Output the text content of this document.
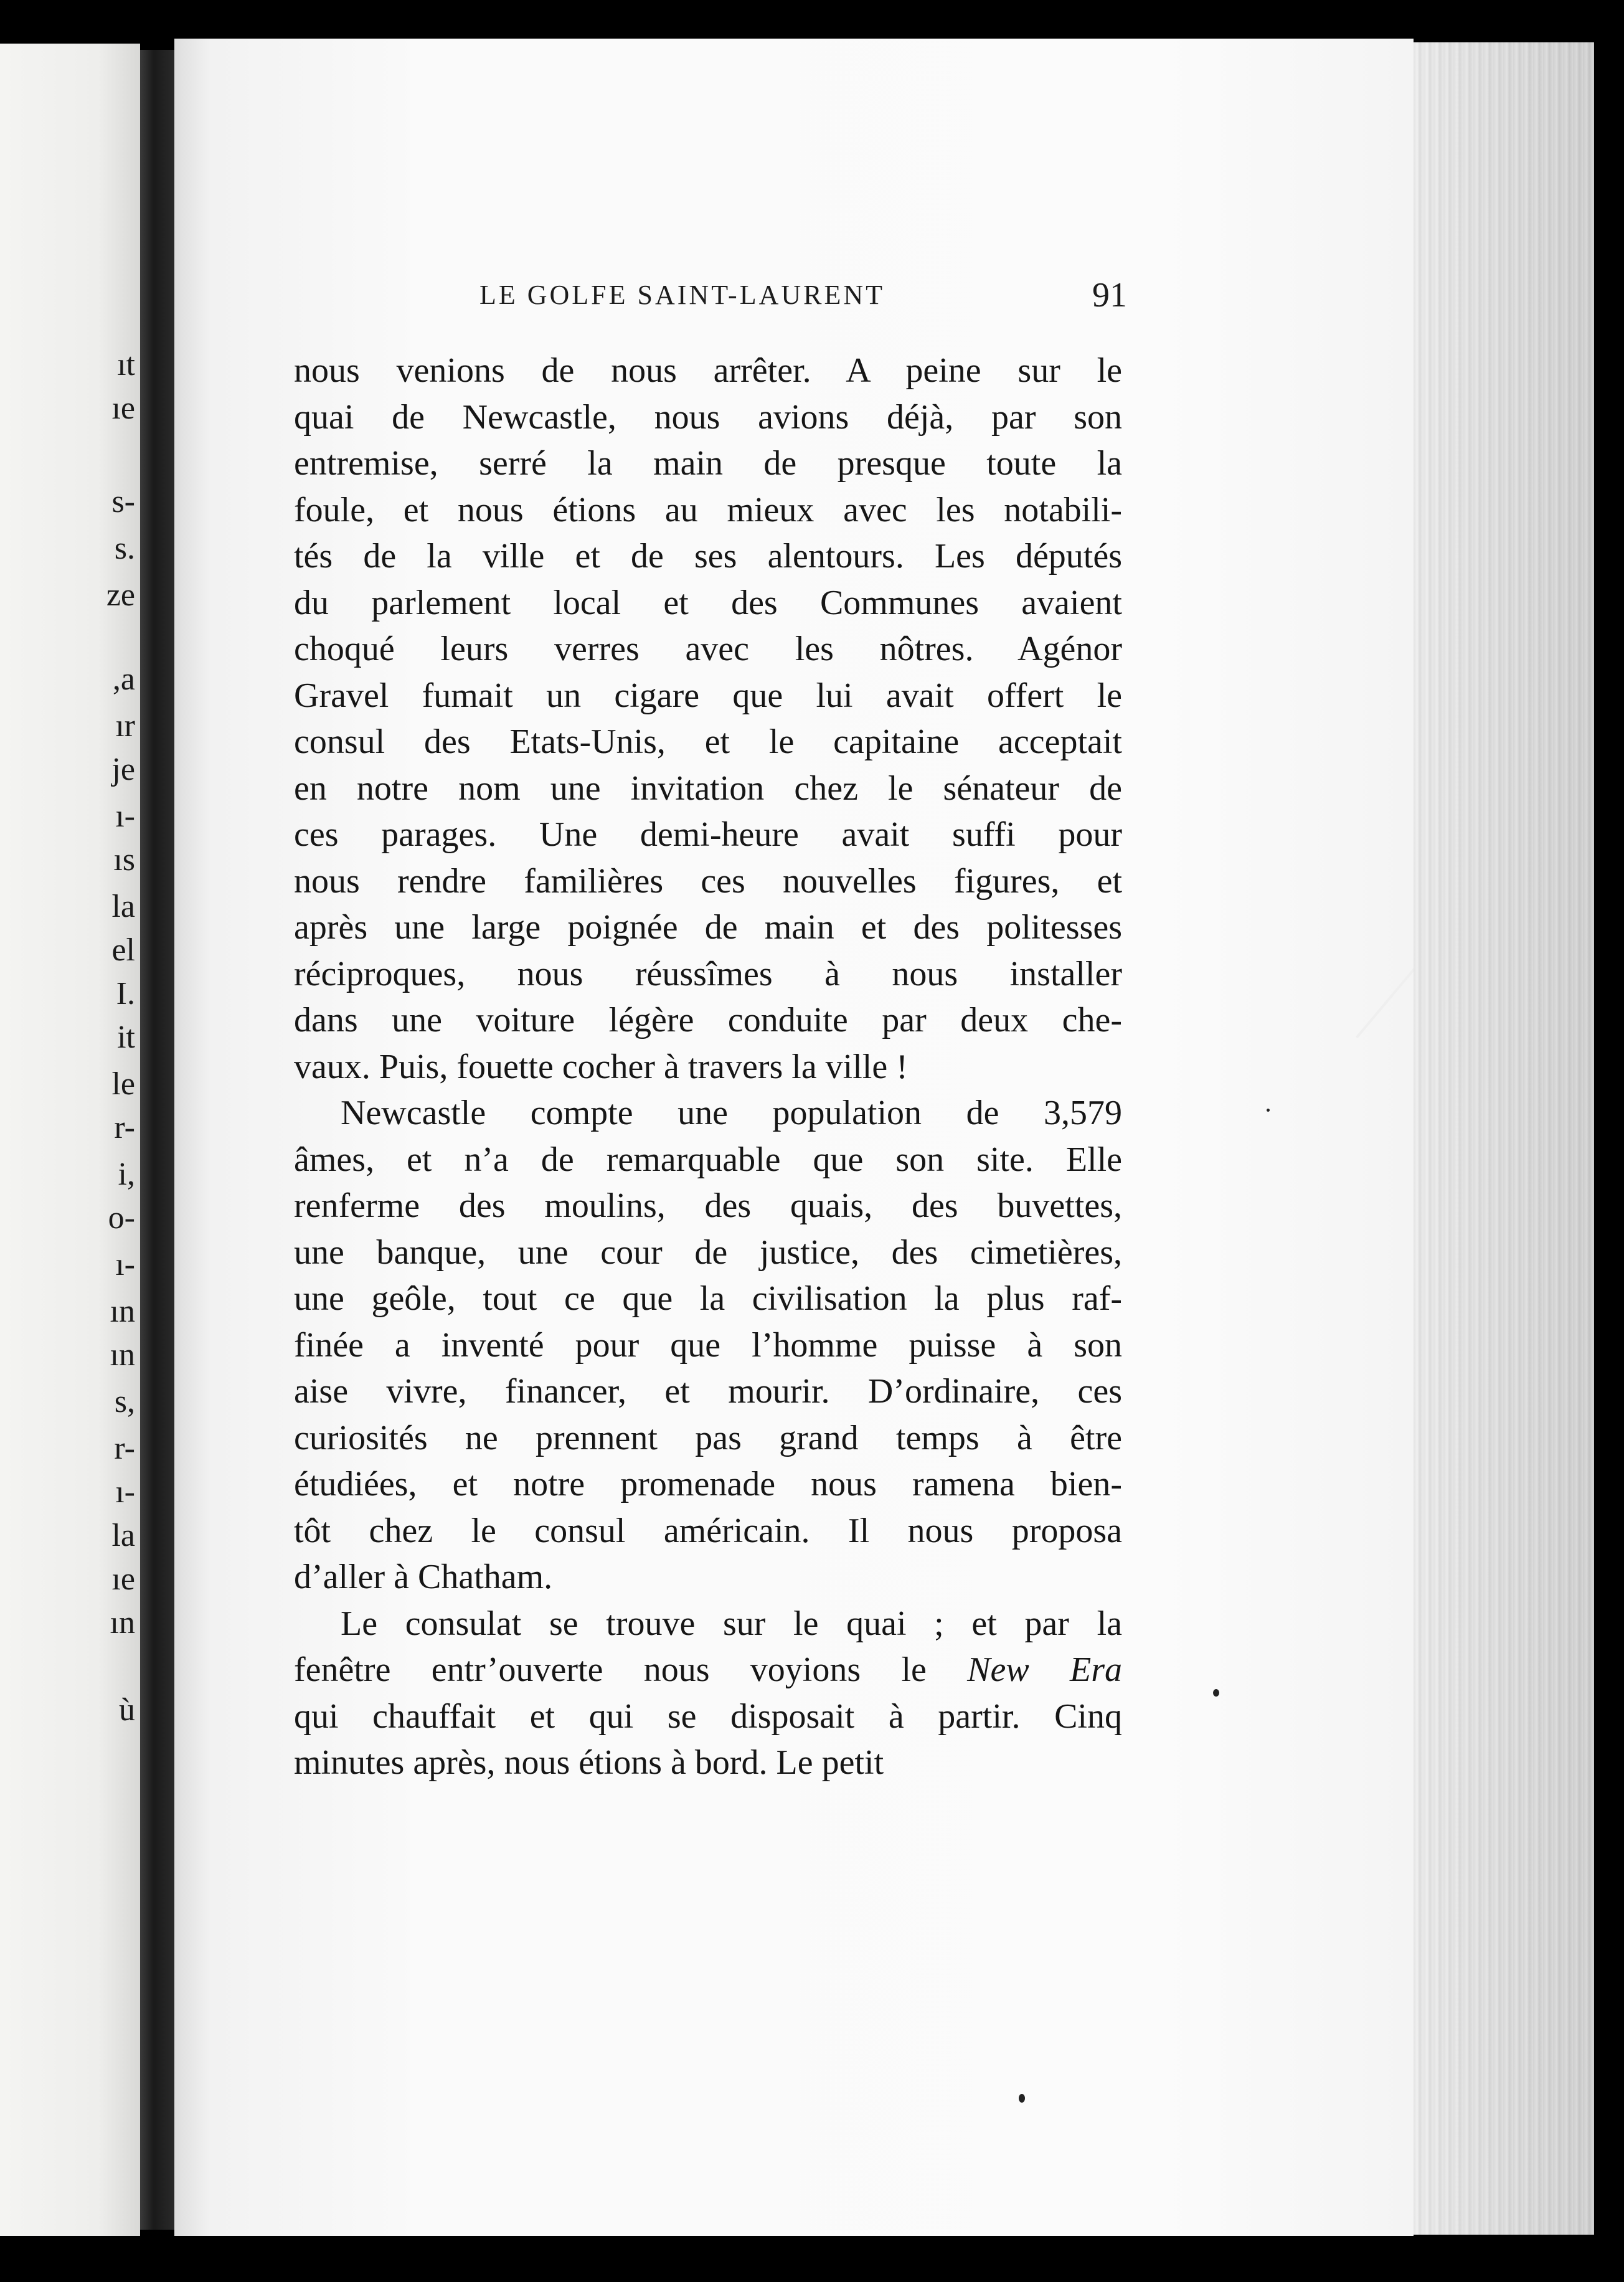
ıt
ıe
s-
s.
ze
,a
ır
je
ı-
ıs
la
el
I.
it
le
r-
i,
o-
ı-
ın
ın
s,
r-
ı-
la
ıe
ın
ù
LE GOLFE SAINT-LAURENT	91
nous venions de nous arrêter. A peine sur le
quai de Newcastle, nous avions déjà, par son
entremise, serré la main de presque toute la
foule, et nous étions au mieux avec les notabili-
tés de la ville et de ses alentours. Les députés
du parlement local et des Communes avaient
choqué leurs verres avec les nôtres. Agénor
Gravel fumait un cigare que lui avait offert le
consul des Etats-Unis, et le capitaine acceptait
en notre nom une invitation chez le sénateur de
ces parages. Une demi-heure avait suffi pour
nous rendre familières ces nouvelles figures, et
après une large poignée de main et des politesses
réciproques, nous réussîmes à nous installer
dans une voiture légère conduite par deux che-
vaux. Puis, fouette cocher à travers la ville !
Newcastle compte une population de 3,579
âmes, et n’a de remarquable que son site. Elle
renferme des moulins, des quais, des buvettes,
une banque, une cour de justice, des cimetières,
une geôle, tout ce que la civilisation la plus raf-
finée a inventé pour que l’homme puisse à son
aise vivre, financer, et mourir. D’ordinaire, ces
curiosités ne prennent pas grand temps à être
étudiées, et notre promenade nous ramena bien-
tôt chez le consul américain. Il nous proposa
d’aller à Chatham.
Le consulat se trouve sur le quai ; et par la
fenêtre entr’ouverte nous voyions le New Era
qui chauffait et qui se disposait à partir. Cinq
minutes après, nous étions à bord. Le petit
